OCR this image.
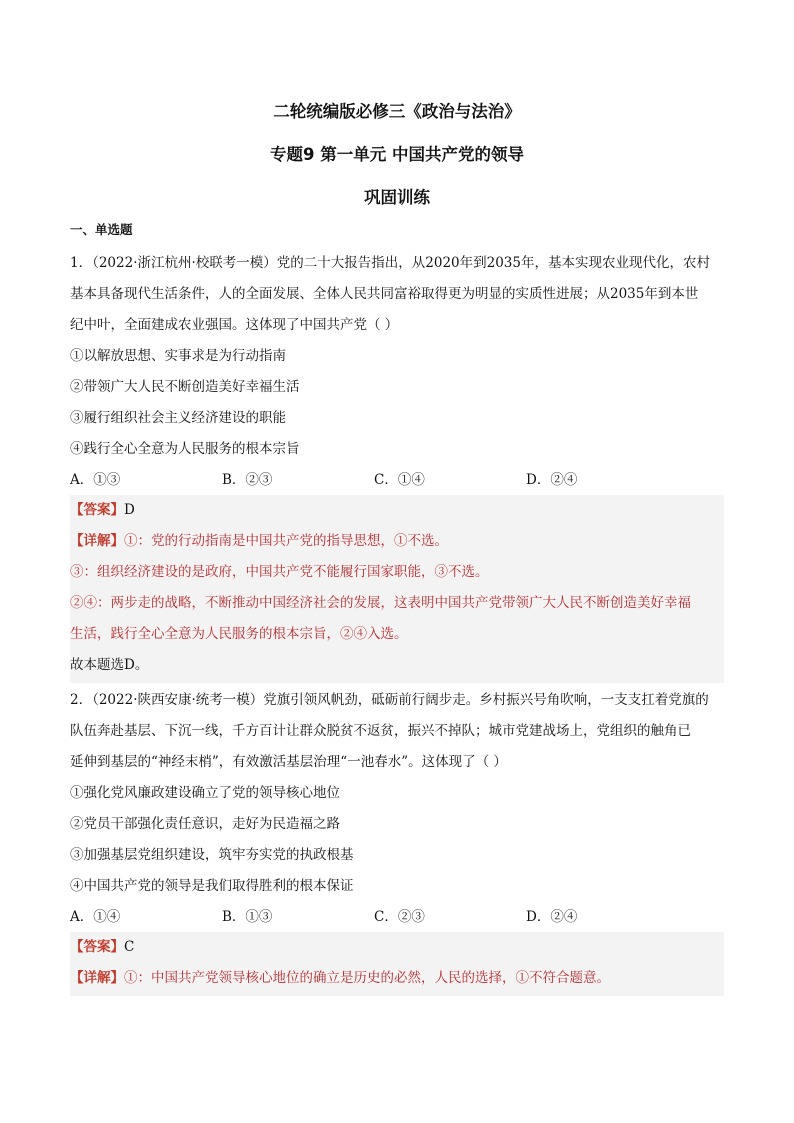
二轮统编版必修三《政治与法治》
专题9 第一单元 中国共产党的领导
巩固训练

一、单选题

1．（2022·浙江杭州·校联考一模）党的二十大报告指出，从2020年到2035年，基本实现农业现代化，农村

基本具备现代生活条件，人的全面发展、全体人民共同富裕取得更为明显的实质性进展；从2035年到本世

纪中叶，全面建成农业强国。这体现了中国共产党（ ）

①以解放思想、实事求是为行动指南

②带领广大人民不断创造美好幸福生活

③履行组织社会主义经济建设的职能

④践行全心全意为人民服务的根本宗旨

A．①③	B．②③	C．①④	D．②④

【答案】D

【详解】①：党的行动指南是中国共产党的指导思想，①不选。

③：组织经济建设的是政府，中国共产党不能履行国家职能，③不选。

②④：两步走的战略，不断推动中国经济社会的发展，这表明中国共产党带领广大人民不断创造美好幸福

生活，践行全心全意为人民服务的根本宗旨，②④入选。

故本题选D。

2．（2022·陕西安康·统考一模）党旗引领风帆劲，砥砺前行阔步走。乡村振兴号角吹响，一支支扛着党旗的

队伍奔赴基层、下沉一线，千方百计让群众脱贫不返贫，振兴不掉队；城市党建战场上，党组织的触角已

延伸到基层的“神经末梢”，有效激活基层治理“一池春水”。这体现了（ ）

①强化党风廉政建设确立了党的领导核心地位

②党员干部强化责任意识，走好为民造福之路

③加强基层党组织建设，筑牢夯实党的执政根基

④中国共产党的领导是我们取得胜利的根本保证

A．①④	B．①③	C．②③	D．②④

【答案】C

【详解】①：中国共产党领导核心地位的确立是历史的必然，人民的选择，①不符合题意。
